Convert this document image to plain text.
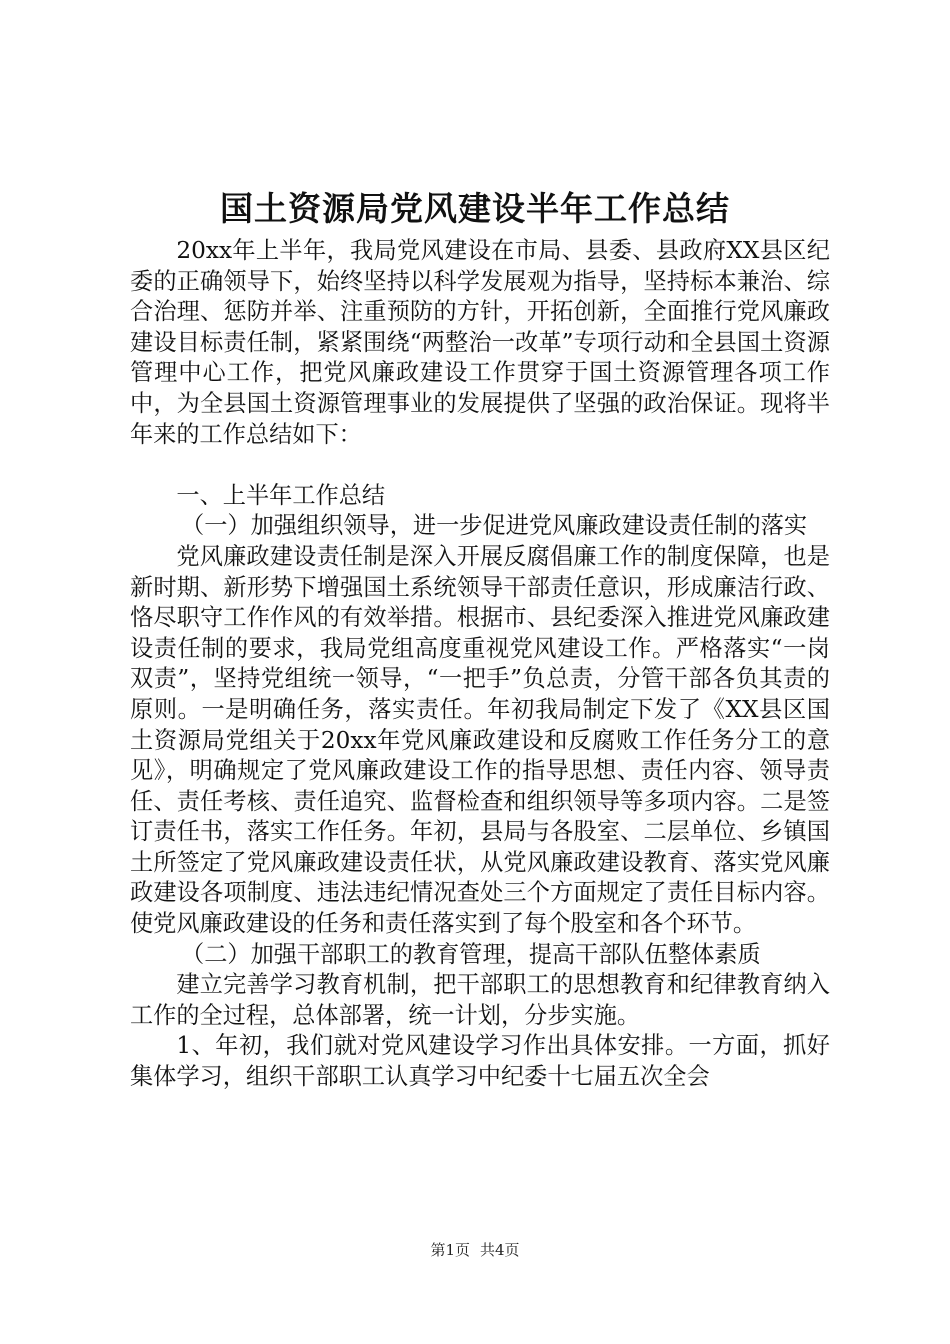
国土资源局党风建设半年工作总结

20xx年上半年，我局党风建设在市局、县委、县政府XX县区纪委的正确领导下，始终坚持以科学发展观为指导，坚持标本兼治、综合治理、惩防并举、注重预防的方针，开拓创新，全面推行党风廉政建设目标责任制，紧紧围绕“两整治一改革”专项行动和全县国土资源管理中心工作，把党风廉政建设工作贯穿于国土资源管理各项工作中，为全县国土资源管理事业的发展提供了坚强的政治保证。现将半年来的工作总结如下：

一、上半年工作总结

（一）加强组织领导，进一步促进党风廉政建设责任制的落实

党风廉政建设责任制是深入开展反腐倡廉工作的制度保障，也是新时期、新形势下增强国土系统领导干部责任意识，形成廉洁行政、恪尽职守工作作风的有效举措。根据市、县纪委深入推进党风廉政建设责任制的要求，我局党组高度重视党风建设工作。严格落实“一岗双责”，坚持党组统一领导，“一把手”负总责，分管干部各负其责的原则。一是明确任务，落实责任。年初我局制定下发了《XX县区国土资源局党组关于20xx年党风廉政建设和反腐败工作任务分工的意见》，明确规定了党风廉政建设工作的指导思想、责任内容、领导责任、责任考核、责任追究、监督检查和组织领导等多项内容。二是签订责任书，落实工作任务。年初，县局与各股室、二层单位、乡镇国土所签定了党风廉政建设责任状，从党风廉政建设教育、落实党风廉政建设各项制度、违法违纪情况查处三个方面规定了责任目标内容。使党风廉政建设的任务和责任落实到了每个股室和各个环节。

（二）加强干部职工的教育管理，提高干部队伍整体素质

建立完善学习教育机制，把干部职工的思想教育和纪律教育纳入工作的全过程，总体部署，统一计划，分步实施。

1、年初，我们就对党风建设学习作出具体安排。一方面，抓好集体学习，组织干部职工认真学习中纪委十七届五次全会

第1页 共4页
